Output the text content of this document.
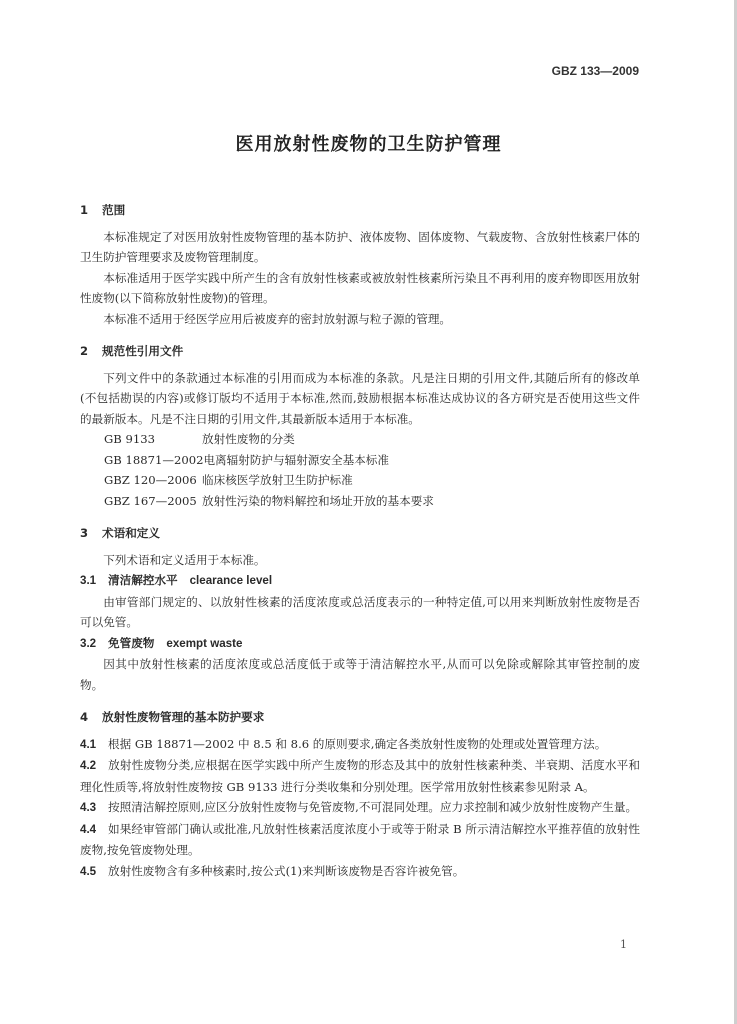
GBZ 133—2009
医用放射性废物的卫生防护管理
1 范围

本标准规定了对医用放射性废物管理的基本防护、液体废物、固体废物、气载废物、含放射性核素尸体的卫生防护管理要求及废物管理制度。

本标准适用于医学实践中所产生的含有放射性核素或被放射性核素所污染且不再利用的废弃物即医用放射性废物(以下简称放射性废物)的管理。

本标准不适用于经医学应用后被废弃的密封放射源与粒子源的管理。

2 规范性引用文件

下列文件中的条款通过本标准的引用而成为本标准的条款。凡是注日期的引用文件,其随后所有的修改单(不包括勘误的内容)或修订版均不适用于本标准,然而,鼓励根据本标准达成协议的各方研究是否使用这些文件的最新版本。凡是不注日期的引用文件,其最新版本适用于本标准。

GB 9133	放射性废物的分类

GB 18871—2002电离辐射防护与辐射源安全基本标准

GBZ 120—2006 临床核医学放射卫生防护标准

GBZ 167—2005 放射性污染的物料解控和场址开放的基本要求

3 术语和定义

下列术语和定义适用于本标准。

3.1 清洁解控水平 clearance level

由审管部门规定的、以放射性核素的活度浓度或总活度表示的一种特定值,可以用来判断放射性废物是否可以免管。

3.2 免管废物 exempt waste

因其中放射性核素的活度浓度或总活度低于或等于清洁解控水平,从而可以免除或解除其审管控制的废物。

4 放射性废物管理的基本防护要求

4.1 根据 GB 18871—2002 中 8.5 和 8.6 的原则要求,确定各类放射性废物的处理或处置管理方法。

4.2 放射性废物分类,应根据在医学实践中所产生废物的形态及其中的放射性核素种类、半衰期、活度水平和理化性质等,将放射性废物按 GB 9133 进行分类收集和分别处理。医学常用放射性核素参见附录 A。

4.3 按照清洁解控原则,应区分放射性废物与免管废物,不可混同处理。应力求控制和减少放射性废物产生量。

4.4 如果经审管部门确认或批准,凡放射性核素活度浓度小于或等于附录 B 所示清洁解控水平推荐值的放射性废物,按免管废物处理。

4.5 放射性废物含有多种核素时,按公式(1)来判断该废物是否容许被免管。

1
